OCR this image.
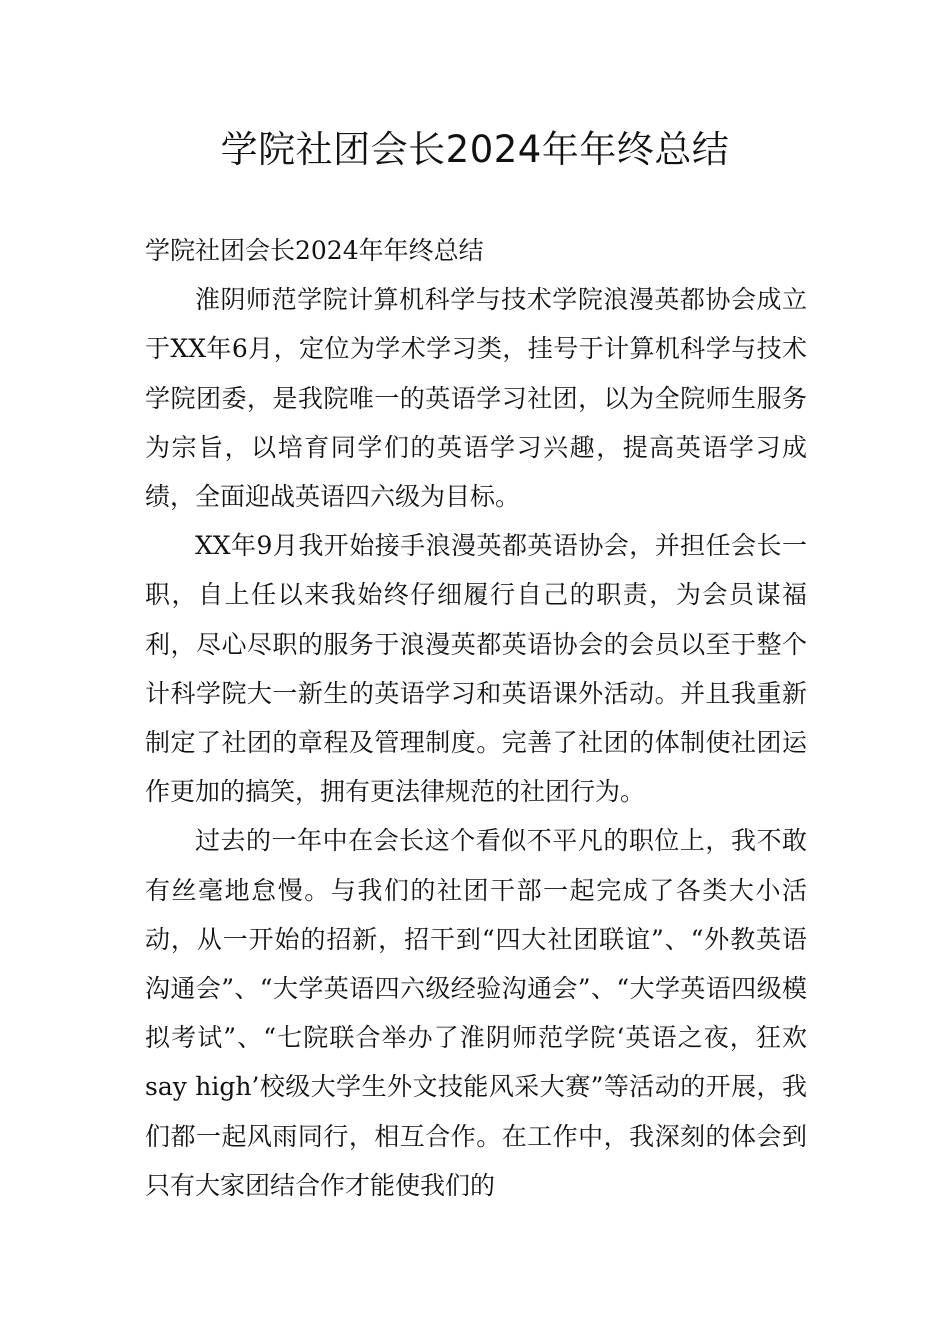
学院社团会长2024年年终总结

学院社团会长2024年年终总结

淮阴师范学院计算机科学与技术学院浪漫英都协会成立于XX年6月，定位为学术学习类，挂号于计算机科学与技术学院团委，是我院唯一的英语学习社团，以为全院师生服务为宗旨，以培育同学们的英语学习兴趣，提高英语学习成绩，全面迎战英语四六级为目标。

XX年9月我开始接手浪漫英都英语协会，并担任会长一职，自上任以来我始终仔细履行自己的职责，为会员谋福利，尽心尽职的服务于浪漫英都英语协会的会员以至于整个计科学院大一新生的英语学习和英语课外活动。并且我重新制定了社团的章程及管理制度。完善了社团的体制使社团运作更加的搞笑，拥有更法律规范的社团行为。

过去的一年中在会长这个看似不平凡的职位上，我不敢有丝毫地怠慢。与我们的社团干部一起完成了各类大小活动，从一开始的招新，招干到“四大社团联谊”、“外教英语沟通会”、“大学英语四六级经验沟通会”、“大学英语四级模拟考试”、“七院联合举办了淮阴师范学院‘英语之夜，狂欢say high’校级大学生外文技能风采大赛”等活动的开展，我们都一起风雨同行，相互合作。在工作中，我深刻的体会到只有大家团结合作才能使我们的
